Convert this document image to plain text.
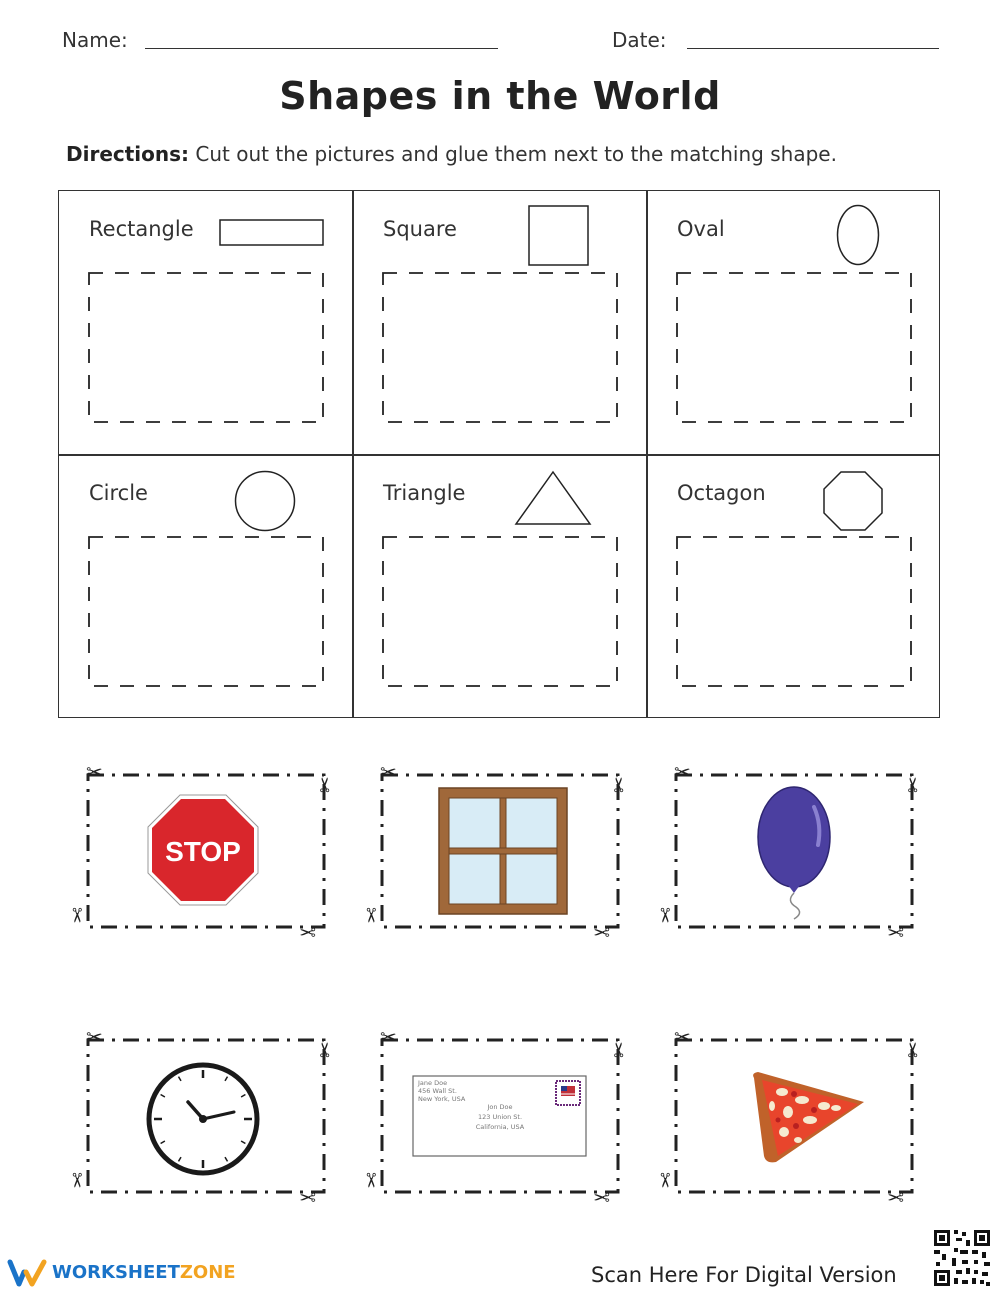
Name:	Date:
Shapes in the World
Directions: Cut out the pictures and glue them next to the matching shape.
Rectangle	Square	Oval
Circle	Triangle	Octagon
✂
✂
✂
✂
STOP
✂
✂
✂
✂
✂
✂
✂
✂
✂
✂
✂
✂
✂
✂
✂
✂
Jane Doe
456 Wall St.
New York, USA
Jon Doe
123 Union St.
California, USA
✂
✂
✂
✂
WORKSHEETZONE	Scan Here For Digital Version
